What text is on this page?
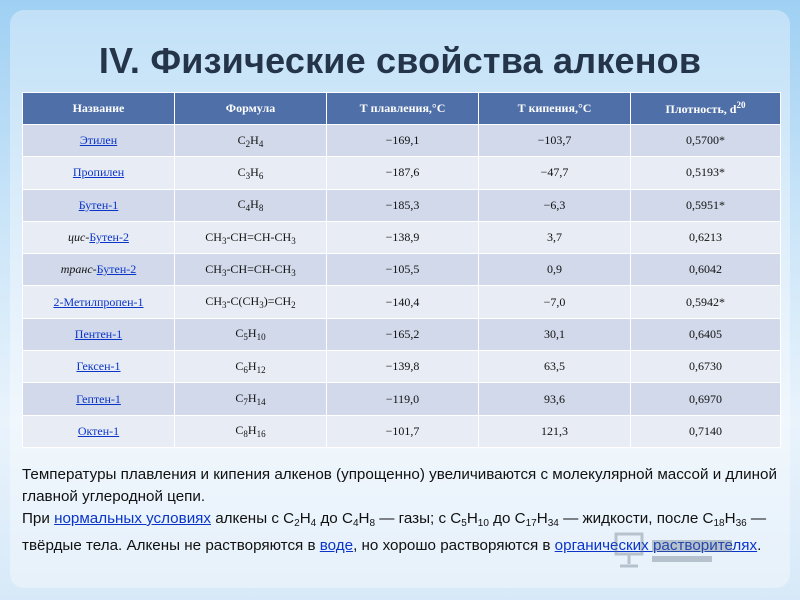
IV. Физические свойства алкенов
Название	Формула	Т плавления,°С	Т кипения,°С	Плотность, $d^{20}$
Этилен	$C_2H_4$	−169,1	−103,7	0,5700*
Пропилен	$C_3H_6$	−187,6	−47,7	0,5193*
Бутен-1	$C_4H_8$	−185,3	−6,3	0,5951*
цис-Бутен-2	$CH_3-CH=CH-CH_3$	−138,9	3,7	0,6213
транс-Бутен-2	$CH_3-CH=CH-CH_3$	−105,5	0,9	0,6042
2-Метилпропен-1	$CH_3-C(CH_3)=CH_2$	−140,4	−7,0	0,5942*
Пентен-1	$C_5H_{10}$	−165,2	30,1	0,6405
Гексен-1	$C_6H_{12}$	−139,8	63,5	0,6730
Гептен-1	$C_7H_{14}$	−119,0	93,6	0,6970
Октен-1	$C_8H_{16}$	−101,7	121,3	0,7140

Температуры плавления и кипения алкенов (упрощенно) увеличиваются с молекулярной массой и длиной главной углеродной цепи.

При нормальных условиях алкены с $C_2H_4$ до $C_4H_8$ — газы; с $C_5H_{10}$ до $C_{17}H_{34}$ — жидкости, после $C_{18}H_{36}$ — твёрдые тела. Алкены не растворяются в воде, но хорошо растворяются в органических растворителях.
